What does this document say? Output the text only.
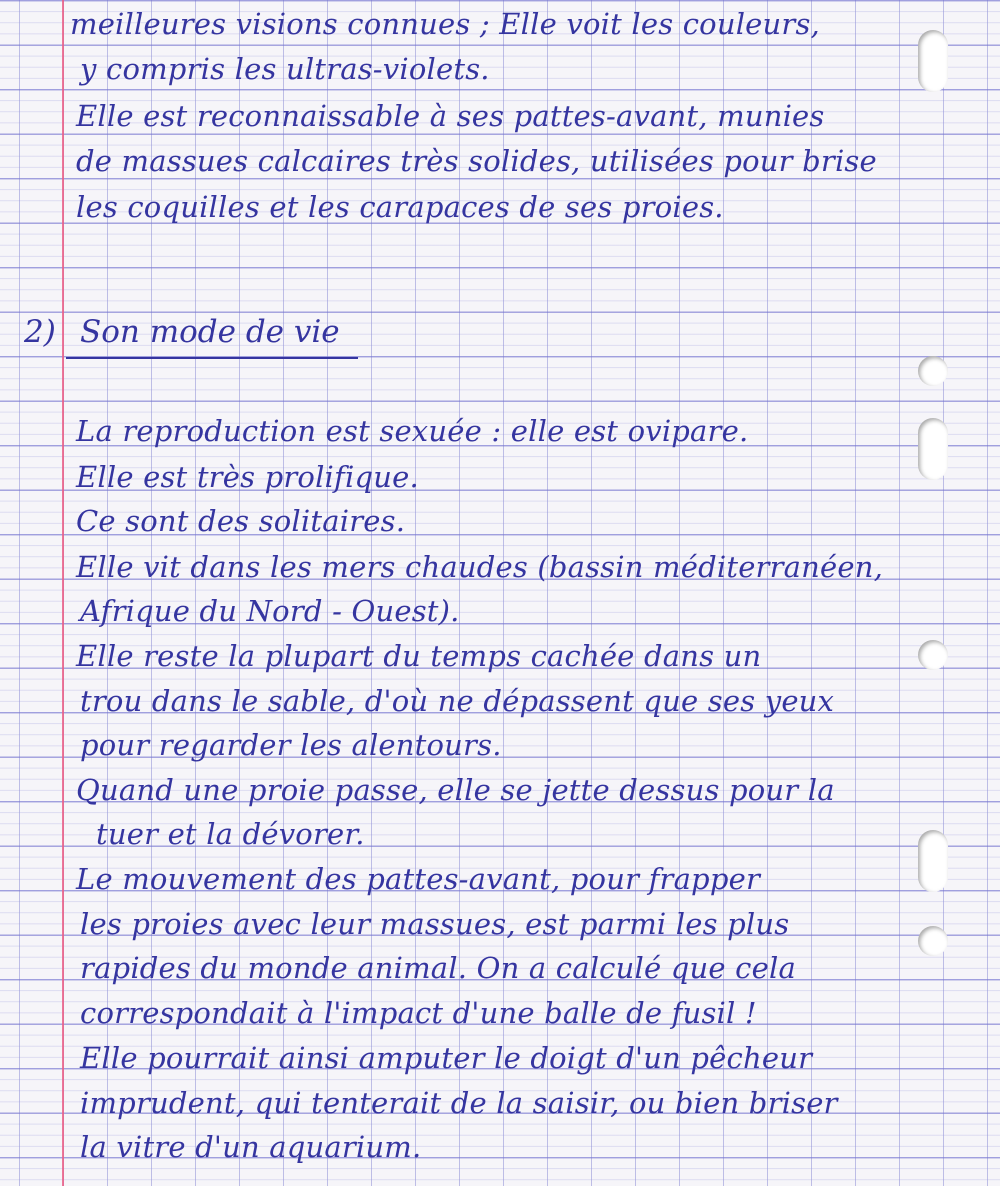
meilleures visions connues ; Elle voit les couleurs,

y compris les ultras-violets.

Elle est reconnaissable à ses pattes-avant, munies

de massues calcaires très solides, utilisées pour brise

les coquilles et les carapaces de ses proies.

2) Son mode de vie

La reproduction est sexuée : elle est ovipare.

Elle est très prolifique.

Ce sont des solitaires.

Elle vit dans les mers chaudes (bassin méditerranéen,

Afrique du Nord - Ouest).

Elle reste la plupart du temps cachée dans un

trou dans le sable, d'où ne dépassent que ses yeux

pour regarder les alentours.

Quand une proie passe, elle se jette dessus pour la

tuer et la dévorer.

Le mouvement des pattes-avant, pour frapper

les proies avec leur massues, est parmi les plus

rapides du monde animal. On a calculé que cela

correspondait à l'impact d'une balle de fusil !

Elle pourrait ainsi amputer le doigt d'un pêcheur

imprudent, qui tenterait de la saisir, ou bien briser

la vitre d'un aquarium.
